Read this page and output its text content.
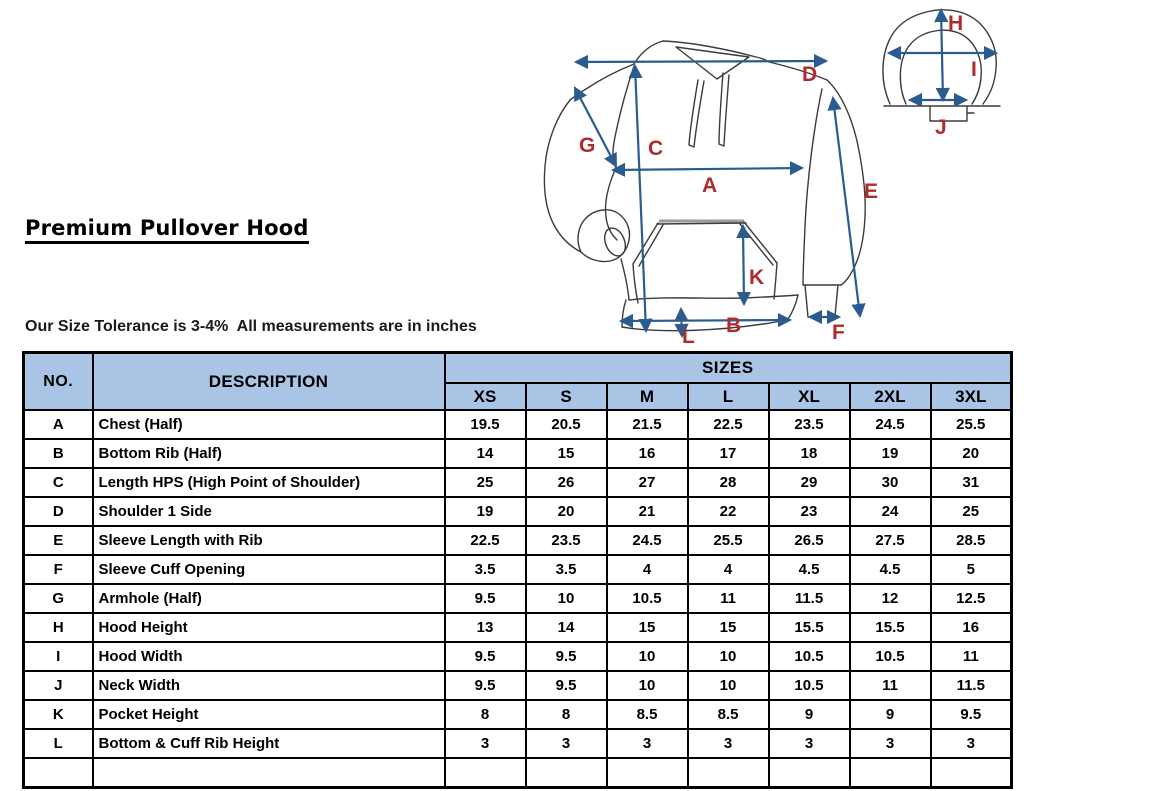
Premium Pullover Hood
Our Size Tolerance is 3-4%  All measurements are in inches
A
B
C
D
E
F
G
H
I
J
K
L
NO.	DESCRIPTION	SIZES						
		XS	S	M	L	XL	2XL	3XL
A	Chest (Half)	19.5	20.5	21.5	22.5	23.5	24.5	25.5
B	Bottom Rib (Half)	14	15	16	17	18	19	20
C	Length HPS (High Point of Shoulder)	25	26	27	28	29	30	31
D	Shoulder 1 Side	19	20	21	22	23	24	25
E	Sleeve Length with Rib	22.5	23.5	24.5	25.5	26.5	27.5	28.5
F	Sleeve Cuff Opening	3.5	3.5	4	4	4.5	4.5	5
G	Armhole (Half)	9.5	10	10.5	11	11.5	12	12.5
H	Hood Height	13	14	15	15	15.5	15.5	16
I	Hood Width	9.5	9.5	10	10	10.5	10.5	11
J	Neck Width	9.5	9.5	10	10	10.5	11	11.5
K	Pocket Height	8	8	8.5	8.5	9	9	9.5
L	Bottom & Cuff Rib Height	3	3	3	3	3	3	3
